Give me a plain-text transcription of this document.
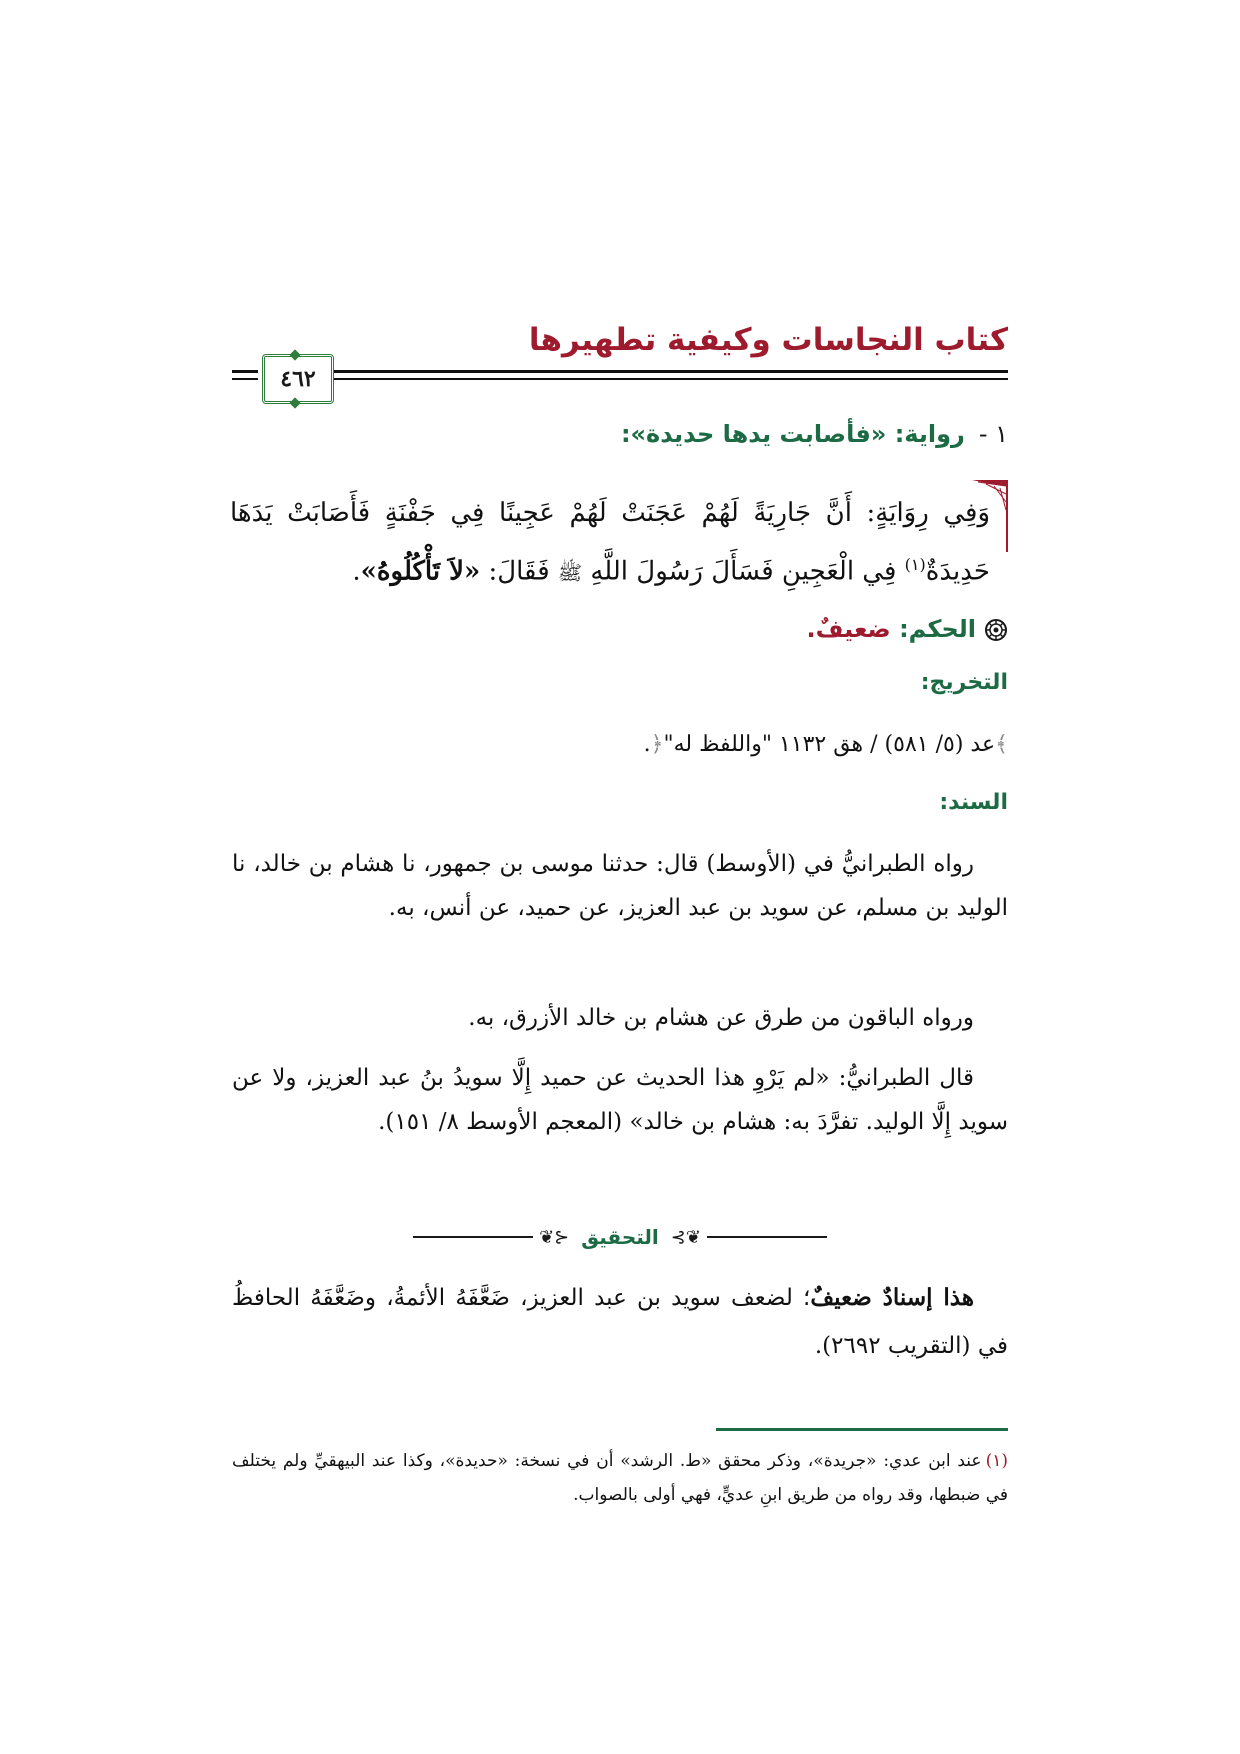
كتاب النجاسات وكيفية تطهيرها
٤٦٢
١ -رواية: «فأصابت يدها حديدة»:
وَفِي رِوَايَةٍ: أَنَّ جَارِيَةً لَهُمْ عَجَنَتْ لَهُمْ عَجِينًا فِي جَفْنَةٍ فَأَصَابَتْ يَدَهَا حَدِيدَةٌ$^{(١)}$ فِي الْعَجِينِ فَسَأَلَ رَسُولَ اللَّهِ ﷺ فَقَالَ: «لاَ تَأْكُلُوهُ».
الحكم: ضعيفٌ.
التخريج:
﴾عد (٥/ ٥٨١) / هق ١١٣٢ "واللفظ له"﴿.
السند:
رواه الطبرانيُّ في (الأوسط) قال: حدثنا موسى بن جمهور، نا هشام بن خالد، نا الوليد بن مسلم، عن سويد بن عبد العزيز، عن حميد، عن أنس، به.
ورواه الباقون من طرق عن هشام بن خالد الأزرق، به.
قال الطبرانيُّ: «لم يَرْوِ هذا الحديث عن حميد إِلَّا سويدُ بنُ عبد العزيز، ولا عن سويد إِلَّا الوليد. تفرَّدَ به: هشام بن خالد» (المعجم الأوسط ٨/ ١٥١).
❦⊱
التحقيق
⊰❦
هذا إسنادٌ ضعيفٌ؛ لضعف سويد بن عبد العزيز، ضَعَّفَهُ الأئمةُ، وضَعَّفَهُ الحافظُ في (التقريب ٢٦٩٢).
(١)عند ابن عدي: «جريدة»، وذكر محقق «ط. الرشد» أن في نسخة: «حديدة»، وكذا عند البيهقيِّ ولم يختلف في ضبطها، وقد رواه من طريق ابنِ عديٍّ، فهي أولى بالصواب.
